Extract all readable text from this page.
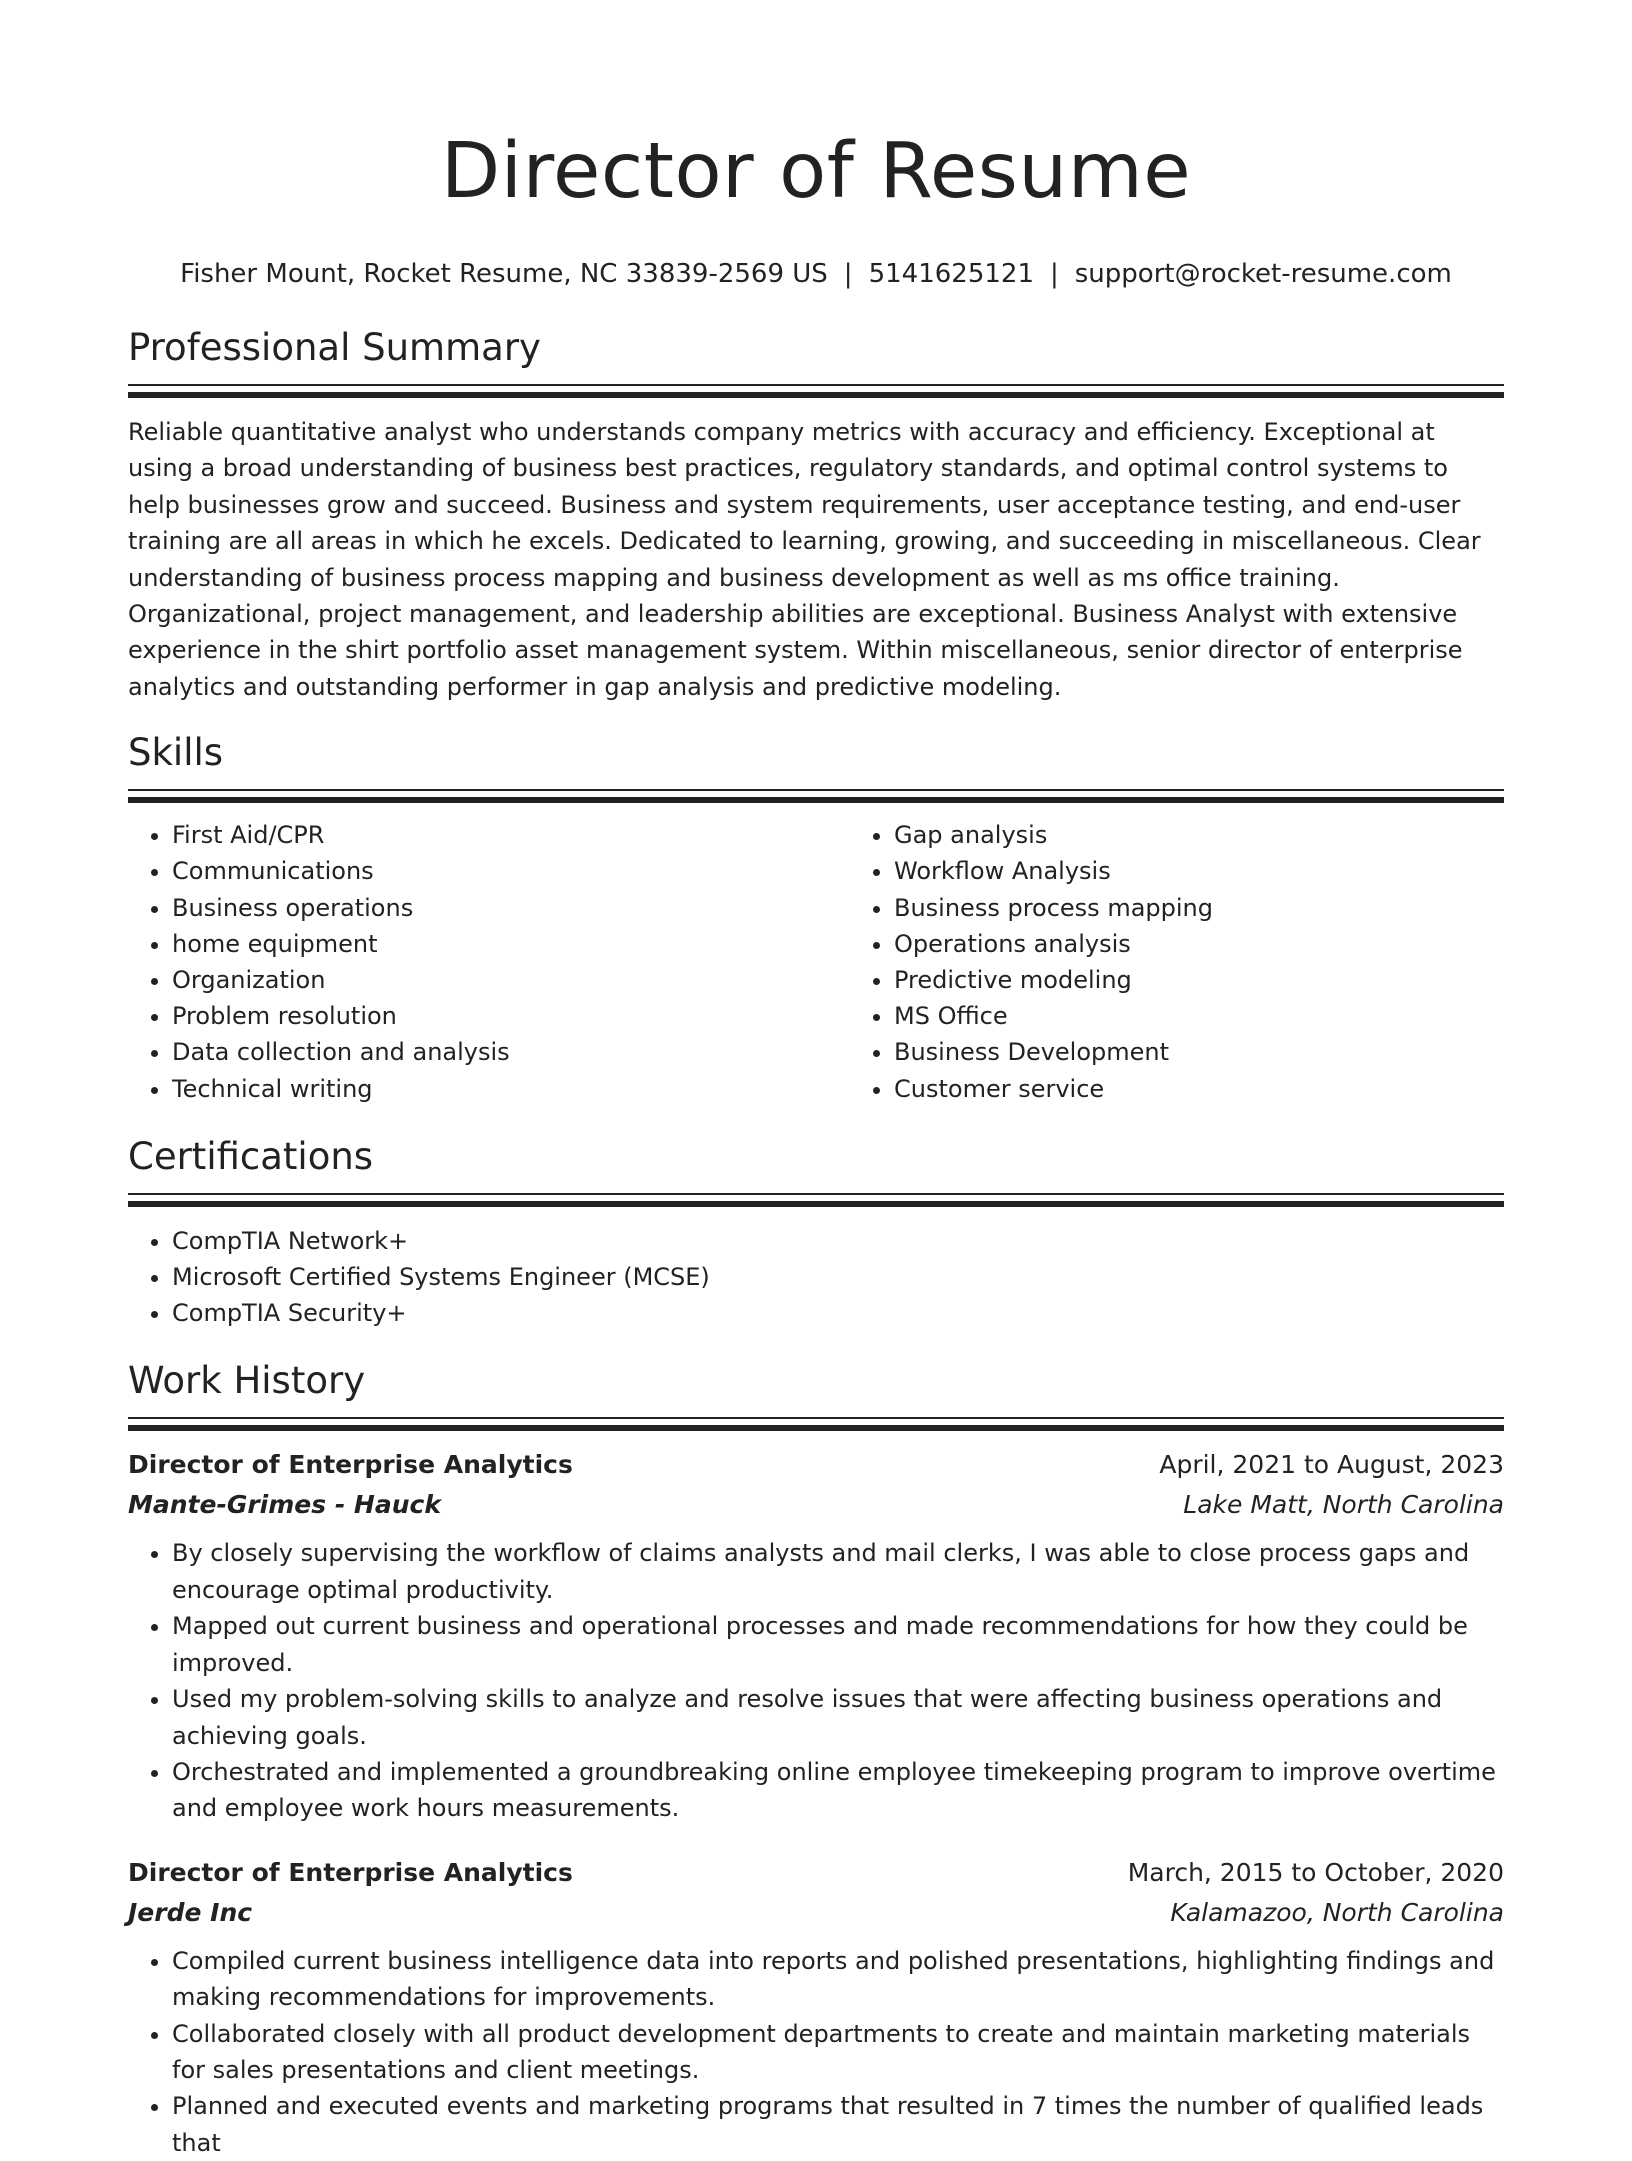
Director of Resume
Fisher Mount, Rocket Resume, NC 33839-2569 US | 5141625121 | support@rocket-resume.com
Professional Summary

Reliable quantitative analyst who understands company metrics with accuracy and efficiency. Exceptional at using a broad understanding of business best practices, regulatory standards, and optimal control systems to help businesses grow and succeed. Business and system requirements, user acceptance testing, and end-user training are all areas in which he excels. Dedicated to learning, growing, and succeeding in miscellaneous. Clear understanding of business process mapping and business development as well as ms office training. Organizational, project management, and leadership abilities are exceptional. Business Analyst with extensive experience in the shirt portfolio asset management system. Within miscellaneous, senior director of enterprise analytics and outstanding performer in gap analysis and predictive modeling.

Skills
• First Aid/CPR
• Communications
• Business operations
• home equipment
• Organization
• Problem resolution
• Data collection and analysis
• Technical writing
• Gap analysis
• Workflow Analysis
• Business process mapping
• Operations analysis
• Predictive modeling
• MS Office
• Business Development
• Customer service
Certifications
• CompTIA Network+
• Microsoft Certified Systems Engineer (MCSE)
• CompTIA Security+
Work History
Director of Enterprise Analytics	April, 2021 to August, 2023
Mante-Grimes - Hauck	Lake Matt, North Carolina
• By closely supervising the workflow of claims analysts and mail clerks, I was able to close process gaps and encourage optimal productivity.
• Mapped out current business and operational processes and made recommendations for how they could be improved.
• Used my problem-solving skills to analyze and resolve issues that were affecting business operations and achieving goals.
• Orchestrated and implemented a groundbreaking online employee timekeeping program to improve overtime and employee work hours measurements.
Director of Enterprise Analytics	March, 2015 to October, 2020
Jerde Inc	Kalamazoo, North Carolina
• Compiled current business intelligence data into reports and polished presentations, highlighting findings and making recommendations for improvements.
• Collaborated closely with all product development departments to create and maintain marketing materials for sales presentations and client meetings.
• Planned and executed events and marketing programs that resulted in 7 times the number of qualified leads that
